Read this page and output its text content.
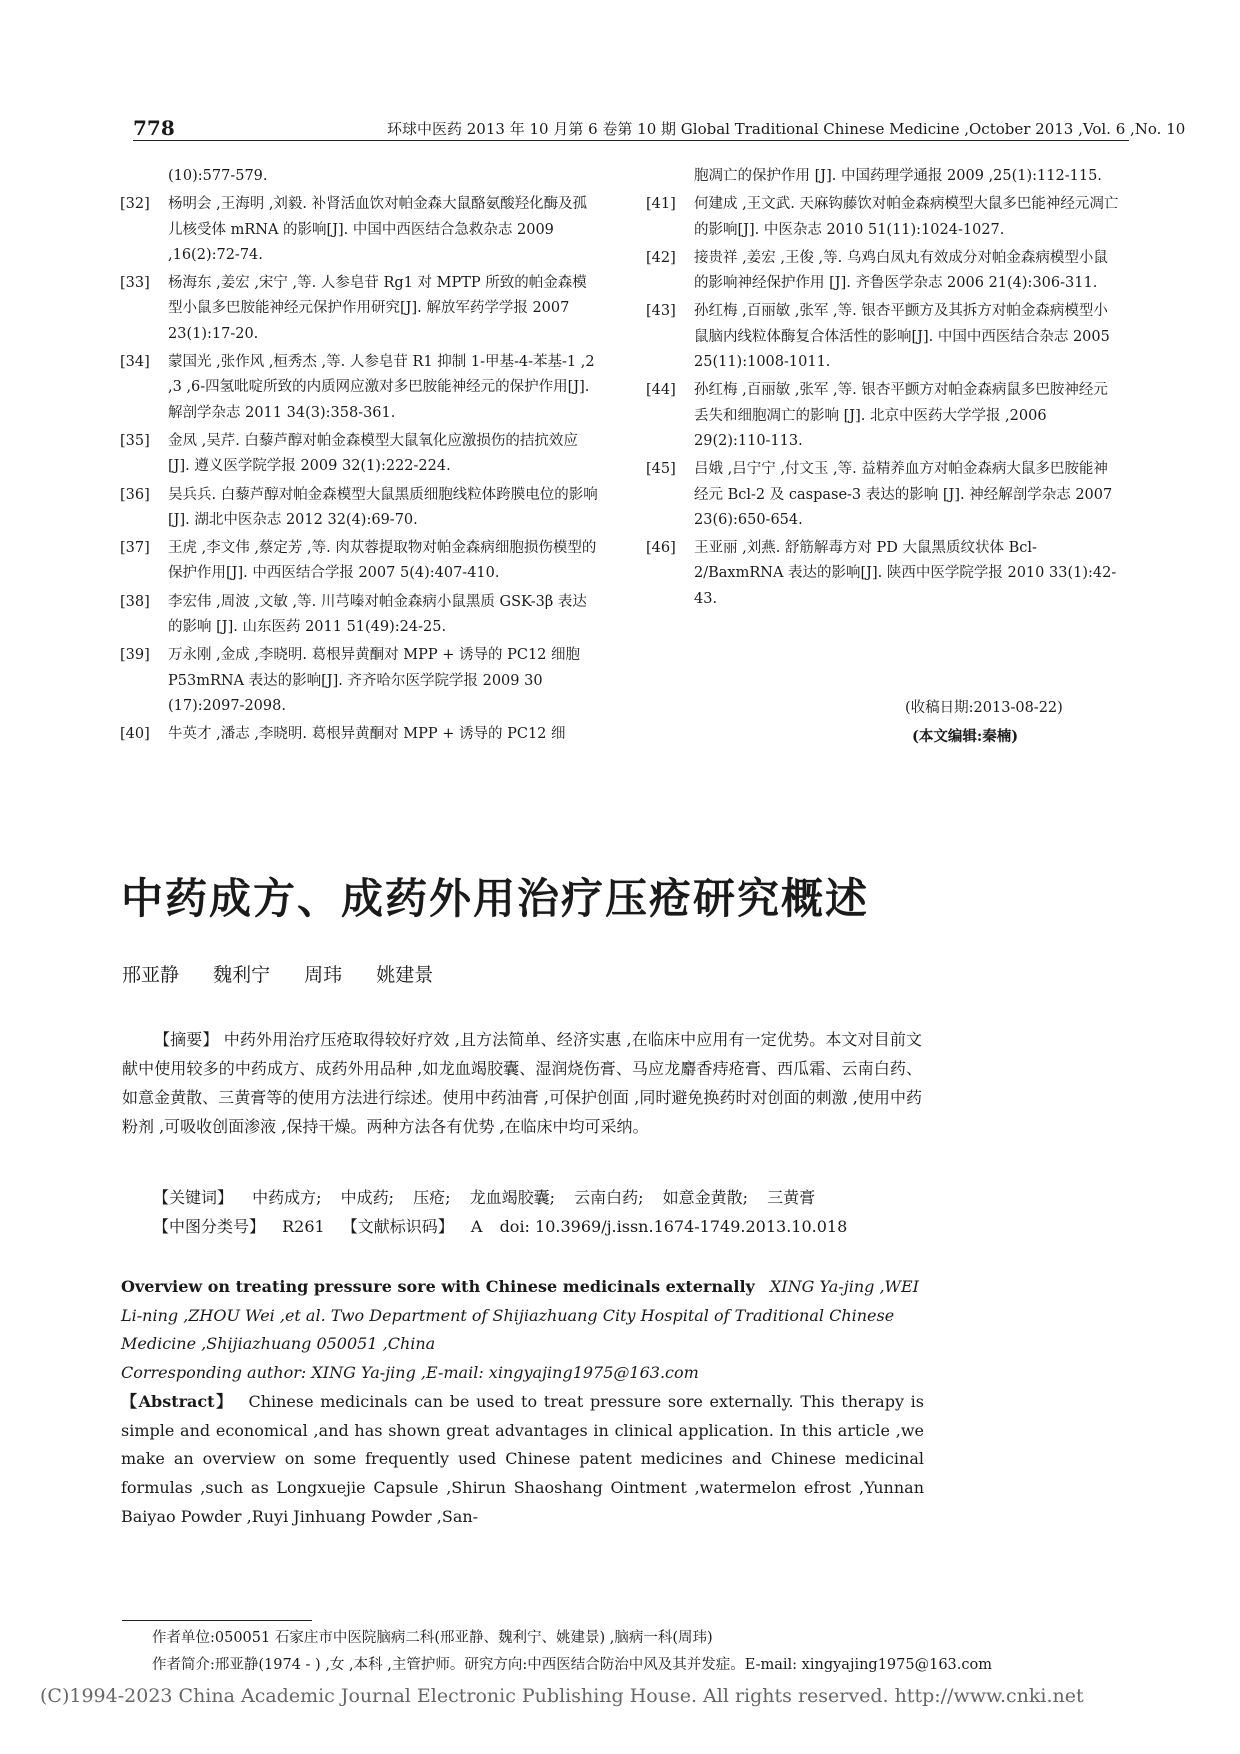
778	环球中医药 2013 年 10 月第 6 卷第 10 期 Global Traditional Chinese Medicine ,October 2013 ,Vol. 6 ,No. 10
(10):577-579.
[32] 杨明会 ,王海明 ,刘毅. 补肾活血饮对帕金森大鼠酪氨酸羟化酶及孤儿核受体 mRNA 的影响[J]. 中国中西医结合急救杂志 2009 ,16(2):72-74.
[33] 杨海东 ,姜宏 ,宋宁 ,等. 人参皂苷 Rg1 对 MPTP 所致的帕金森模型小鼠多巴胺能神经元保护作用研究[J]. 解放军药学学报 2007 23(1):17-20.
[34] 蒙国光 ,张作风 ,桓秀杰 ,等. 人参皂苷 R1 抑制 1-甲基-4-苯基-1 ,2 ,3 ,6-四氢吡啶所致的内质网应激对多巴胺能神经元的保护作用[J]. 解剖学杂志 2011 34(3):358-361.
[35] 金凤 ,吴芹. 白藜芦醇对帕金森模型大鼠氧化应激损伤的拮抗效应 [J]. 遵义医学院学报 2009 32(1):222-224.
[36] 吴兵兵. 白藜芦醇对帕金森模型大鼠黑质细胞线粒体跨膜电位的影响 [J]. 湖北中医杂志 2012 32(4):69-70.
[37] 王虎 ,李文伟 ,蔡定芳 ,等. 肉苁蓉提取物对帕金森病细胞损伤模型的保护作用[J]. 中西医结合学报 2007 5(4):407-410.
[38] 李宏伟 ,周波 ,文敏 ,等. 川芎嗪对帕金森病小鼠黑质 GSK-3β 表达的影响 [J]. 山东医药 2011 51(49):24-25.
[39] 万永刚 ,金成 ,李晓明. 葛根异黄酮对 MPP + 诱导的 PC12 细胞 P53mRNA 表达的影响[J]. 齐齐哈尔医学院学报 2009 30 (17):2097-2098.
[40] 牛英才 ,潘志 ,李晓明. 葛根异黄酮对 MPP + 诱导的 PC12 细
胞凋亡的保护作用 [J]. 中国药理学通报 2009 ,25(1):112-115.
[41] 何建成 ,王文武. 天麻钩藤饮对帕金森病模型大鼠多巴能神经元凋亡的影响[J]. 中医杂志 2010 51(11):1024-1027.
[42] 接贵祥 ,姜宏 ,王俊 ,等. 乌鸡白凤丸有效成分对帕金森病模型小鼠的影响神经保护作用 [J]. 齐鲁医学杂志 2006 21(4):306-311.
[43] 孙红梅 ,百丽敏 ,张军 ,等. 银杏平颤方及其拆方对帕金森病模型小鼠脑内线粒体酶复合体活性的影响[J]. 中国中西医结合杂志 2005 25(11):1008-1011.
[44] 孙红梅 ,百丽敏 ,张军 ,等. 银杏平颤方对帕金森病鼠多巴胺神经元丢失和细胞凋亡的影响 [J]. 北京中医药大学学报 ,2006 29(2):110-113.
[45] 吕娥 ,吕宁宁 ,付文玉 ,等. 益精养血方对帕金森病大鼠多巴胺能神经元 Bcl-2 及 caspase-3 表达的影响 [J]. 神经解剖学杂志 2007 23(6):650-654.
[46] 王亚丽 ,刘燕. 舒筋解毒方对 PD 大鼠黑质纹状体 Bcl-2/BaxmRNA 表达的影响[J]. 陕西中医学院学报 2010 33(1):42-43.
(收稿日期:2013-08-22)
(本文编辑:秦楠)
中药成方、成药外用治疗压疮研究概述
邢亚静 魏利宁 周玮 姚建景
【摘要】 中药外用治疗压疮取得较好疗效 ,且方法简单、经济实惠 ,在临床中应用有一定优势。本文对目前文献中使用较多的中药成方、成药外用品种 ,如龙血竭胶囊、湿润烧伤膏、马应龙麝香痔疮膏、西瓜霜、云南白药、如意金黄散、三黄膏等的使用方法进行综述。使用中药油膏 ,可保护创面 ,同时避免换药时对创面的刺激 ,使用中药粉剂 ,可吸收创面渗液 ,保持干燥。两种方法各有优势 ,在临床中均可采纳。
【关键词】 中药成方; 中成药; 压疮; 龙血竭胶囊; 云南白药; 如意金黄散; 三黄膏
【中图分类号】 R261 【文献标识码】 A doi: 10.3969/j.issn.1674-1749.2013.10.018
Overview on treating pressure sore with Chinese medicinals externally XING Ya-jing ,WEI Li-ning ,ZHOU Wei ,et al. Two Department of Shijiazhuang City Hospital of Traditional Chinese Medicine ,Shijiazhuang 050051 ,China
Corresponding author: XING Ya-jing ,E-mail: xingyajing1975@163.com
【Abstract】 Chinese medicinals can be used to treat pressure sore externally. This therapy is simple and economical ,and has shown great advantages in clinical application. In this article ,we make an overview on some frequently used Chinese patent medicines and Chinese medicinal formulas ,such as Longxuejie Capsule ,Shirun Shaoshang Ointment ,watermelon efrost ,Yunnan Baiyao Powder ,Ruyi Jinhuang Powder ,San-
作者单位:050051 石家庄市中医院脑病二科(邢亚静、魏利宁、姚建景) ,脑病一科(周玮)
作者简介:邢亚静(1974 - ) ,女 ,本科 ,主管护师。研究方向:中西医结合防治中风及其并发症。E-mail: xingyajing1975@163.com
(C)1994-2023 China Academic Journal Electronic Publishing House. All rights reserved. http://www.cnki.net
